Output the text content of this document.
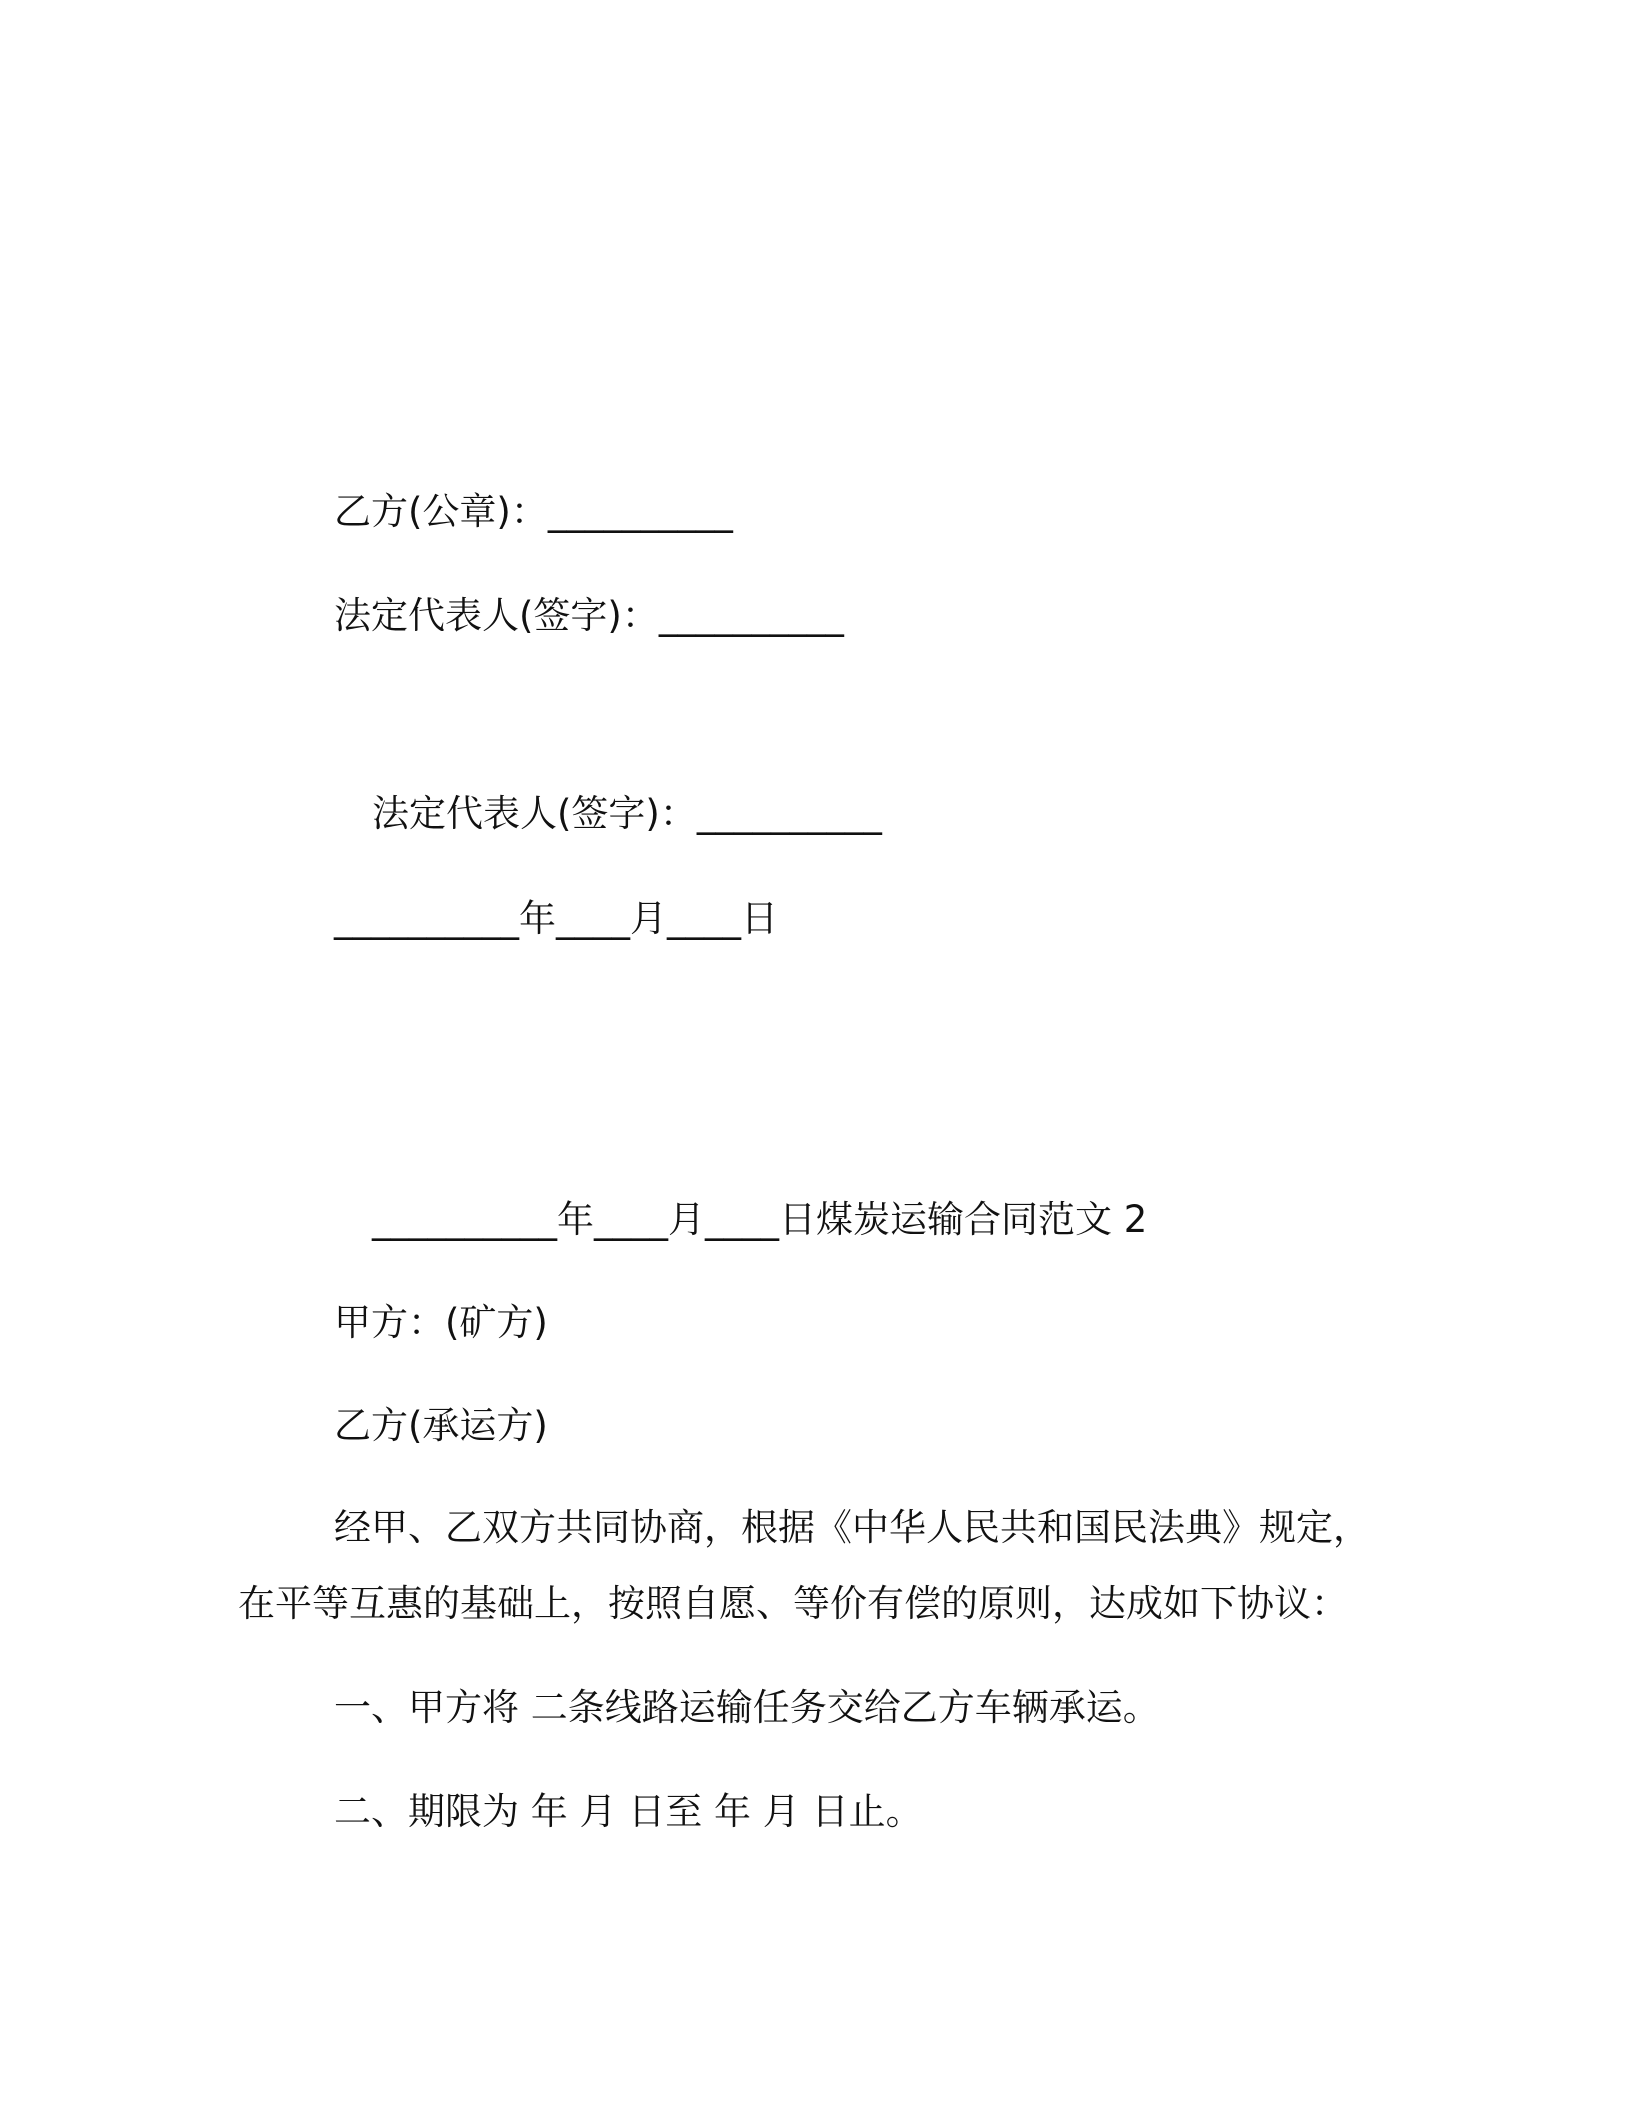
乙方(公章)：__________
法定代表人(签字)：__________
法定代表人(签字)：__________
__________年____月____日
__________年____月____日煤炭运输合同范文 2
甲方：(矿方)
乙方(承运方)
经甲、乙双方共同协商，根据《中华人民共和国民法典》规定，
在平等互惠的基础上，按照自愿、等价有偿的原则，达成如下协议：
一、甲方将 二条线路运输任务交给乙方车辆承运。
二、期限为 年 月 日至 年 月 日止。
